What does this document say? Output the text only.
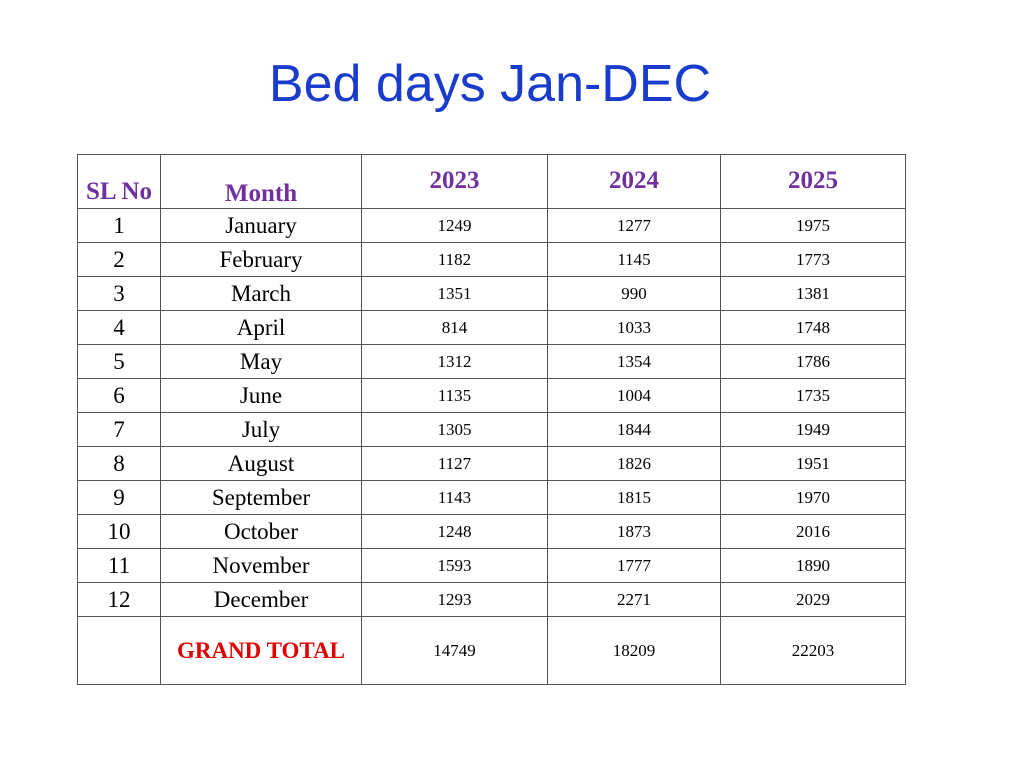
Bed days Jan-DEC
SL No	Month	2023	2024	2025
1	January	1249	1277	1975
2	February	1182	1145	1773
3	March	1351	990	1381
4	April	814	1033	1748
5	May	1312	1354	1786
6	June	1135	1004	1735
7	July	1305	1844	1949
8	August	1127	1826	1951
9	September	1143	1815	1970
10	October	1248	1873	2016
11	November	1593	1777	1890
12	December	1293	2271	2029
	GRAND TOTAL	14749	18209	22203
